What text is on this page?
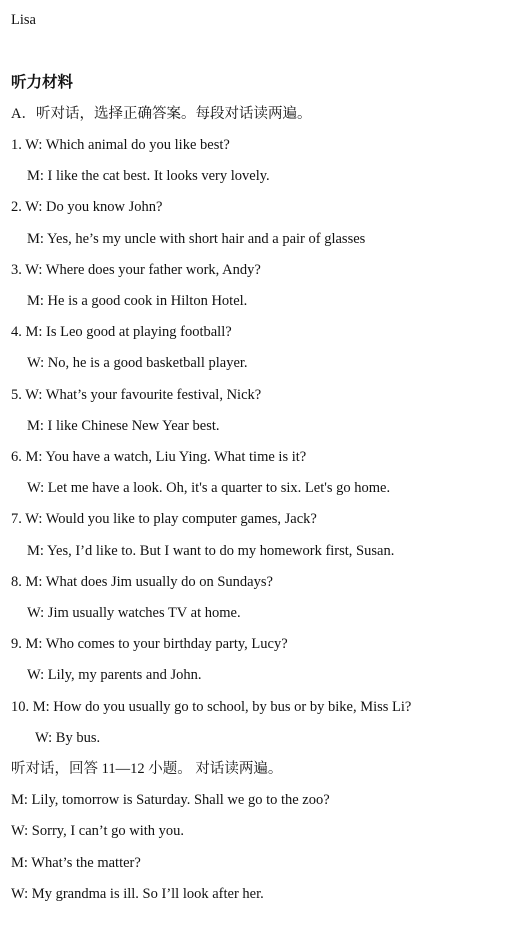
Lisa
听力材料
A．听对话，选择正确答案。每段对话读两遍。
1. W: Which animal do you like best?
M: I like the cat best. It looks very lovely.
2. W: Do you know John?
M: Yes, he’s my uncle with short hair and a pair of glasses
3. W: Where does your father work, Andy?
M: He is a good cook in Hilton Hotel.
4. M: Is Leo good at playing football?
W: No, he is a good basketball player.
5. W: What’s your favourite festival, Nick?
M: I like Chinese New Year best.
6. M: You have a watch, Liu Ying. What time is it?
W: Let me have a look. Oh, it's a quarter to six. Let's go home.
7. W: Would you like to play computer games, Jack?
M: Yes, I’d like to. But I want to do my homework first, Susan.
8. M: What does Jim usually do on Sundays?
W: Jim usually watches TV at home.
9. M: Who comes to your birthday party, Lucy?
W: Lily, my parents and John.
10. M: How do you usually go to school, by bus or by bike, Miss Li?
W: By bus.
听对话，回答 11—12 小题。 对话读两遍。
M: Lily, tomorrow is Saturday. Shall we go to the zoo?
W: Sorry, I can’t go with you.
M: What’s the matter?
W: My grandma is ill. So I’ll look after her.
